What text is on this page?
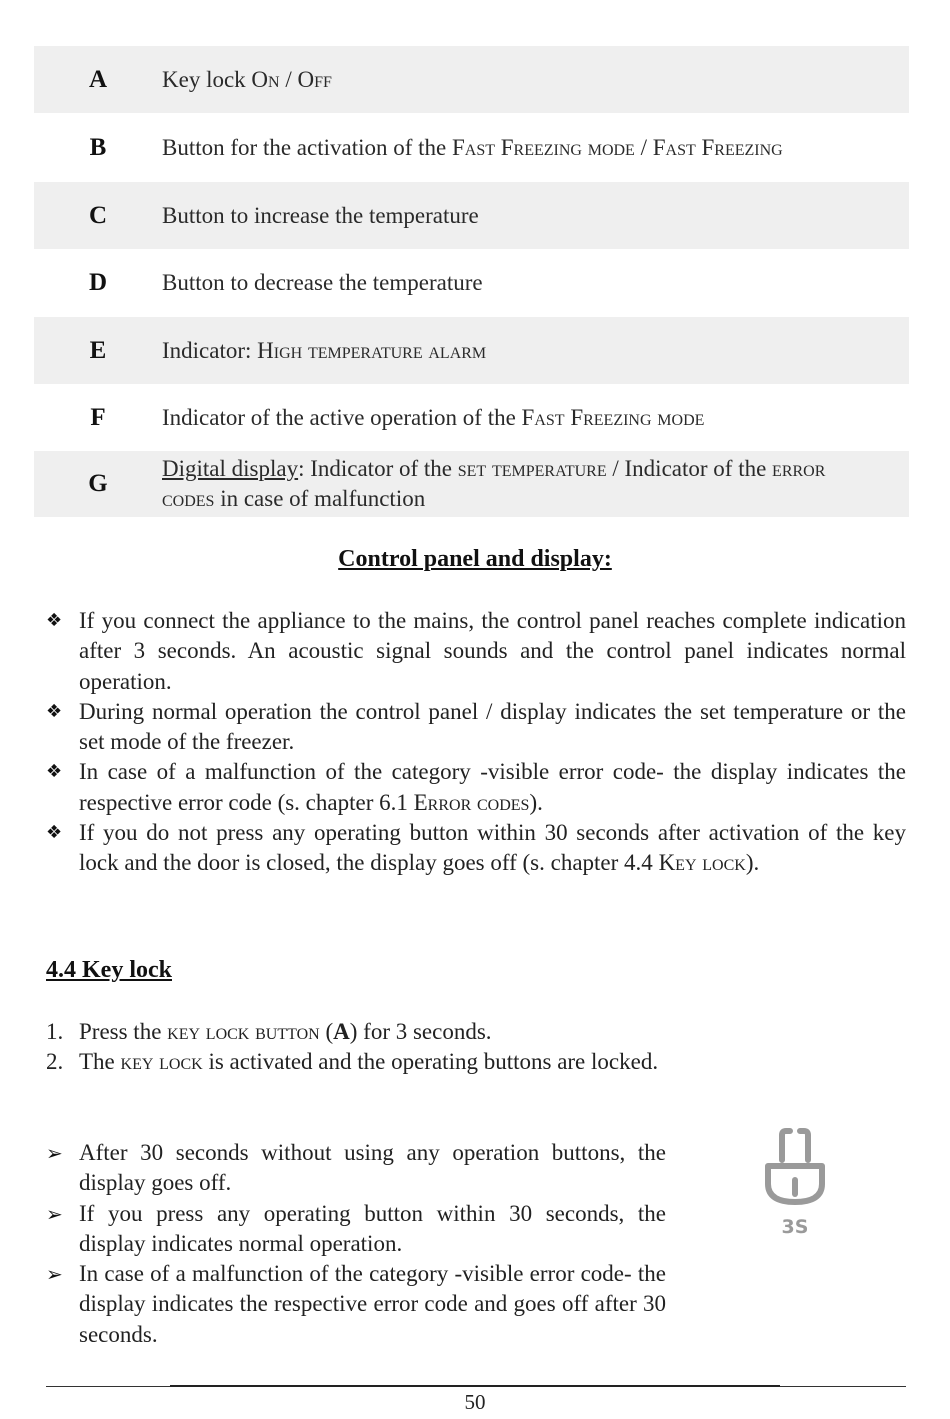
A	Key lock On / Off
B	Button for the activation of the Fast Freezing mode / Fast Freezing
C	Button to increase the temperature
D	Button to decrease the temperature
E	Indicator: High temperature alarm
F	Indicator of the active operation of the Fast Freezing mode
G	Digital display: Indicator of the set temperature / Indicator of the error codes in case of malfunction
Control panel and display:
❖ If you connect the appliance to the mains, the control panel reaches complete indication after 3 seconds. An acoustic signal sounds and the control panel indicates normal operation.
❖ During normal operation the control panel / display indicates the set temperature or the set mode of the freezer.
❖ In case of a malfunction of the category -visible error code- the display indicates the respective error code (s. chapter 6.1 Error codes).
❖ If you do not press any operating button within 30 seconds after activation of the key lock and the door is closed, the display goes off (s. chapter 4.4 Key lock).
4.4 Key lock
1. Press the key lock button (A) for 3 seconds.
2. The key lock is activated and the operating buttons are locked.
➢ After 30 seconds without using any operation buttons, the display goes off.
➢ If you press any operating button within 30 seconds, the display indicates normal operation.
➢ In case of a malfunction of the category -visible error code- the display indicates the respective error code and goes off after 30 seconds.
3S
50
